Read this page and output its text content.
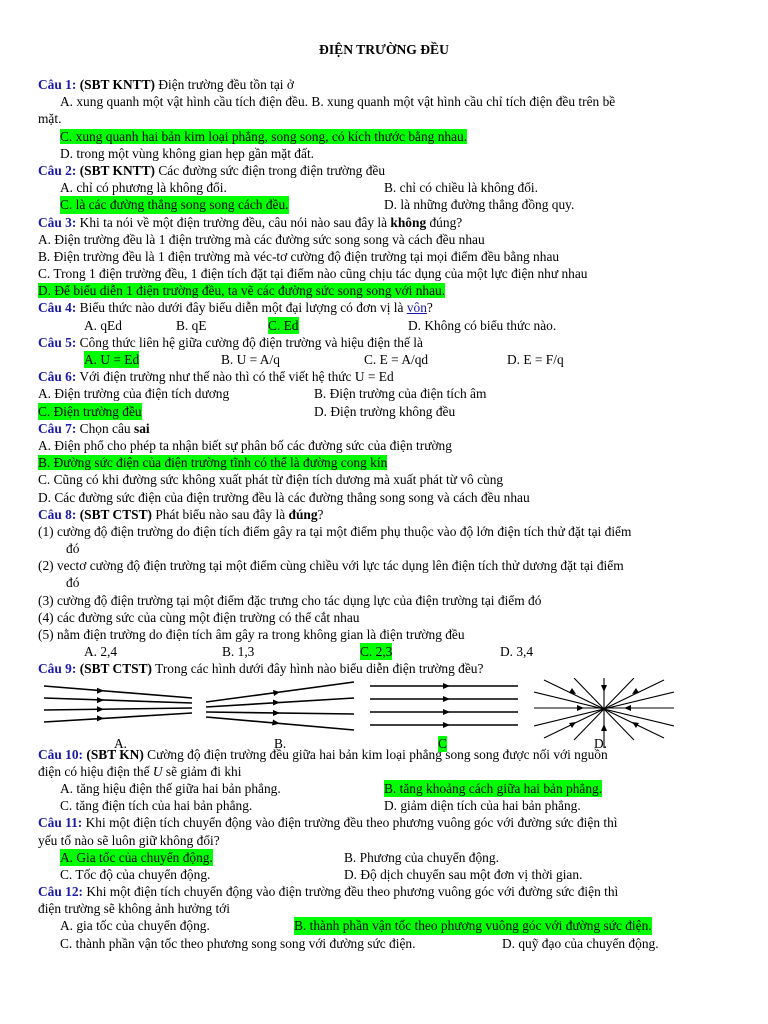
ĐIỆN TRƯỜNG ĐỀU
Câu 1: (SBT KNTT) Điện trường đều tồn tại ở
A. xung quanh một vật hình cầu tích điện đều. B. xung quanh một vật hình cầu chỉ tích điện đều trên bề
mặt.
C. xung quanh hai bản kim loại phẳng, song song, có kích thước bằng nhau.
D. trong một vùng không gian hẹp gần mặt đất.
Câu 2: (SBT KNTT) Các đường sức điện trong điện trường đều
A. chỉ có phương là không đổi.	B. chỉ có chiều là không đổi.
C. là các đường thẳng song song cách đều.	D. là những đường thẳng đồng quy.
Câu 3: Khi ta nói về một điện trường đều, câu nói nào sau đây là không đúng?
A. Điện trường đều là 1 điện trường mà các đường sức song song và cách đều nhau
B. Điện trường đều là 1 điện trường mà véc-tơ cường độ điện trường tại mọi điểm đều bằng nhau
C. Trong 1 điện trường đều, 1 điện tích đặt tại điểm nào cũng chịu tác dụng của một lực điện như nhau
D. Để biểu diễn 1 điện trường đều, ta vẽ các đường sức song song với nhau.
Câu 4: Biểu thức nào dưới đây biểu diễn một đại lượng có đơn vị là vôn?
A. qEd	B. qE	C. Ed	D. Không có biểu thức nào.
Câu 5: Công thức liên hệ giữa cường độ điện trường và hiệu điện thế là
A. U = Ed	B. U = A/q	C. E = A/qd	D. E = F/q
Câu 6: Với điện trường như thế nào thì có thể viết hệ thức U = Ed
A. Điện trường của điện tích dương	B. Điện trường của điện tích âm
C. Điện trường đều	D. Điện trường không đều
Câu 7: Chọn câu sai
A. Điện phổ cho phép ta nhận biết sự phân bố các đường sức của điện trường
B. Đường sức điện của điện trường tĩnh có thể là đường cong kín
C. Cũng có khi đường sức không xuất phát từ điện tích dương mà xuất phát từ vô cùng
D. Các đường sức điện của điện trường đều là các đường thẳng song song và cách đều nhau
Câu 8: (SBT CTST) Phát biểu nào sau đây là đúng?
(1) cường độ điện trường do điện tích điểm gây ra tại một điểm phụ thuộc vào độ lớn điện tích thử đặt tại điểm
đó
(2) vectơ cường độ điện trường tại một điểm cùng chiều với lực tác dụng lên điện tích thử dương đặt tại điểm
đó
(3) cường độ điện trường tại một điểm đặc trưng cho tác dụng lực của điện trường tại điểm đó
(4) các đường sức của cùng một điện trường có thể cắt nhau
(5) nằm điện trường do điện tích âm gây ra trong không gian là điện trường đều
A. 2,4	B. 1,3	C. 2,3	D. 3,4
Câu 9: (SBT CTST) Trong các hình dưới đây hình nào biểu diễn điện trường đều?
A.	B.	C	D.
Câu 10: (SBT KN) Cường độ điện trường đều giữa hai bản kim loại phẳng song song được nối với nguồn
điện có hiệu điện thế U sẽ giảm đi khi
A. tăng hiệu điện thế giữa hai bản phẳng.	B. tăng khoảng cách giữa hai bản phẳng.
C. tăng điện tích của hai bản phẳng.	D. giảm diện tích của hai bản phẳng.
Câu 11: Khi một điện tích chuyển động vào điện trường đều theo phương vuông góc với đường sức điện thì
yếu tố nào sẽ luôn giữ không đổi?
A. Gia tốc của chuyển động.	B. Phương của chuyển động.
C. Tốc độ của chuyển động.	D. Độ dịch chuyển sau một đơn vị thời gian.
Câu 12: Khi một điện tích chuyển động vào điện trường đều theo phương vuông góc với đường sức điện thì
điện trường sẽ không ảnh hưởng tới
A. gia tốc của chuyển động.	B. thành phần vận tốc theo phương vuông góc với đường sức điện.
C. thành phần vận tốc theo phương song song với đường sức điện.	D. quỹ đạo của chuyển động.
